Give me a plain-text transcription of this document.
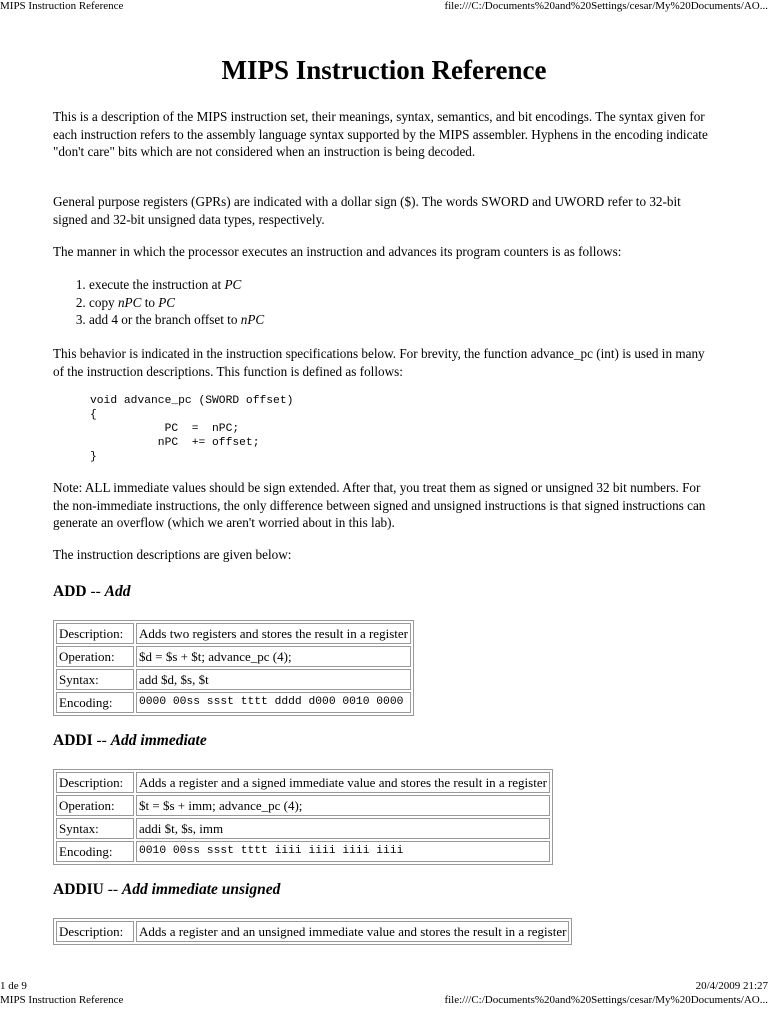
MIPS Instruction Reference	file:///C:/Documents%20and%20Settings/cesar/My%20Documents/AO...
MIPS Instruction Reference

This is a description of the MIPS instruction set, their meanings, syntax, semantics, and bit encodings. The syntax given for each instruction refers to the assembly language syntax supported by the MIPS assembler. Hyphens in the encoding indicate "don't care" bits which are not considered when an instruction is being decoded.

General purpose registers (GPRs) are indicated with a dollar sign ($). The words SWORD and UWORD refer to 32-bit signed and 32-bit unsigned data types, respectively.

The manner in which the processor executes an instruction and advances its program counters is as follows:

1. execute the instruction at PC
2. copy nPC to PC
3. add 4 or the branch offset to nPC

This behavior is indicated in the instruction specifications below. For brevity, the function advance_pc (int) is used in many of the instruction descriptions. This function is defined as follows:

void advance_pc (SWORD offset)
{
PC  =  nPC;
nPC  += offset;
}

Note: ALL immediate values should be sign extended. After that, you treat them as signed or unsigned 32 bit numbers. For the non-immediate instructions, the only difference between signed and unsigned instructions is that signed instructions can generate an overflow (which we aren't worried about in this lab).

The instruction descriptions are given below:

ADD -- Add
Description:	Adds two registers and stores the result in a register
Operation:	$d = $s + $t; advance_pc (4);
Syntax:	add $d, $s, $t
Encoding:	0000 00ss ssst tttt dddd d000 0010 0000
ADDI -- Add immediate
Description:	Adds a register and a signed immediate value and stores the result in a register
Operation:	$t = $s + imm; advance_pc (4);
Syntax:	addi $t, $s, imm
Encoding:	0010 00ss ssst tttt iiii iiii iiii iiii
ADDIU -- Add immediate unsigned
Description:	Adds a register and an unsigned immediate value and stores the result in a register
1 de 9	20/4/2009 21:27
MIPS Instruction Reference	file:///C:/Documents%20and%20Settings/cesar/My%20Documents/AO...
